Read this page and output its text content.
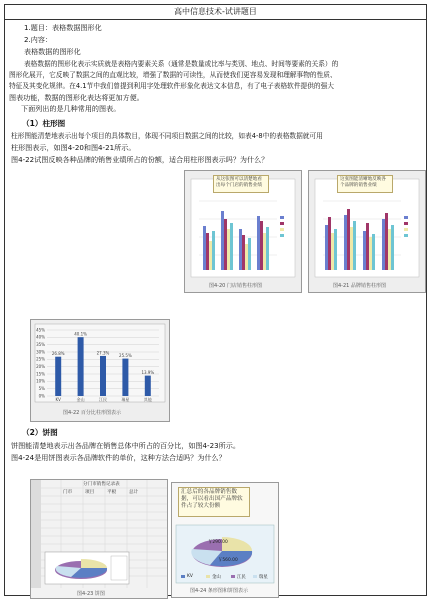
高中信息技术-试讲题目
1.题目：表格数据图形化
2.内容：
表格数据的图形化
表格数据的图形化表示实质就是表格内要素关系（通常是数量或比率与类别、地点、时间等要素的关系）的
图形化展开，它反映了数据之间的直观比较，增强了数据的可读性，从而使我们更容易发现和理解事物的性质、
特征及其变化规律。在4.1节中我们曾提到利用字处理软件形象化表达文本信息，有了电子表格软件提供的强大
图表功能，数据的图形化表达将更加方便。
下面列出的是几种常用的图表。
（1）柱形图
柱形图能清楚地表示出每个项目的具体数目，体现不同项目数据之间的比较，如表4-8中的表格数据就可用
柱形图表示，如图4-20和图4-21所示。
图4-22试图反映各种品牌的销售业绩所占的份额，适合用柱形图表示吗？为什么？
从这张图可以清楚地看出每个门店的销售业绩
图4-20 门店销售柱形图
这张图能清晰地反映各个品牌的销售业绩
图4-21 品牌销售柱形图
0%
5%
10%
15%
20%
25%
30%
35%
40%
45%
26.8%
KV
40.1%
金山
27.3%
江民
25.5%
瑞星
13.9%
其他
图4-22 百分比柱形图表示
（2）饼图
饼图能清楚地表示出各品牌在销售总体中所占的百分比，如图4-23所示。
图4-24是用饼图表示各品牌软件的单价，这种方法合适吗？为什么？
分门市销售记录表
门市	项目	平板	总计
图4-23 饼图
汇总后的各品牌销售数据，可以看出国产品牌软件占了较大份额
￥290.00
￥560.00
KV	金山	江民	瑞星
图4-24 条形图和饼图表示
